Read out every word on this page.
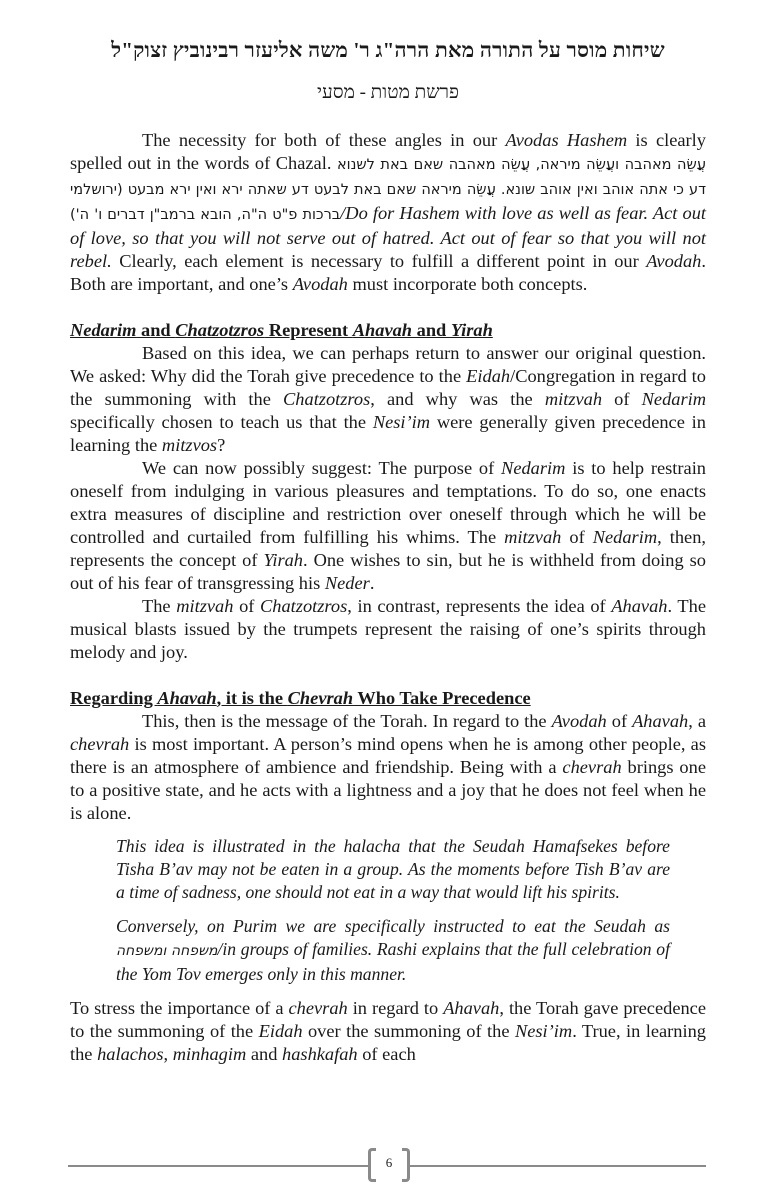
שיחות מוסר על התורה מאת הרה"ג ר' משה אליעזר רבינוביץ זצוק"ל
פרשת מטות - מסעי

The necessity for both of these angles in our Avodas Hashem is clearly spelled out in the words of Chazal. עֲשֵׂה מאהבה ועֲשֵׂה מיראה, עֲשֵׂה מאהבה שאם באת לשנוא דע כי אתה אוהב ואין אוהב שונא. עֲשֵׂה מיראה שאם באת לבעט דע שאתה ירא ואין ירא מבעט (ירושלמי ברכות פ"ט ה"ה, הובא ברמב"ן דברים ו' ה')/Do for Hashem with love as well as fear. Act out of love, so that you will not serve out of hatred. Act out of fear so that you will not rebel. Clearly, each element is necessary to fulfill a different point in our Avodah. Both are important, and one’s Avodah must incorporate both concepts.

Nedarim and Chatzotzros Represent Ahavah and Yirah

Based on this idea, we can perhaps return to answer our original question. We asked: Why did the Torah give precedence to the Eidah/Congregation in regard to the summoning with the Chatzotzros, and why was the mitzvah of Nedarim specifically chosen to teach us that the Nesi’im were generally given precedence in learning the mitzvos?

We can now possibly suggest: The purpose of Nedarim is to help restrain oneself from indulging in various pleasures and temptations. To do so, one enacts extra measures of discipline and restriction over oneself through which he will be controlled and curtailed from fulfilling his whims. The mitzvah of Nedarim, then, represents the concept of Yirah. One wishes to sin, but he is withheld from doing so out of his fear of transgressing his Neder.

The mitzvah of Chatzotzros, in contrast, represents the idea of Ahavah. The musical blasts issued by the trumpets represent the raising of one’s spirits through melody and joy.

Regarding Ahavah, it is the Chevrah Who Take Precedence

This, then is the message of the Torah. In regard to the Avodah of Ahavah, a chevrah is most important. A person’s mind opens when he is among other people, as there is an atmosphere of ambience and friendship. Being with a chevrah brings one to a positive state, and he acts with a lightness and a joy that he does not feel when he is alone.

This idea is illustrated in the halacha that the Seudah Hamafsekes before Tisha B’av may not be eaten in a group. As the moments before Tish B’av are a time of sadness, one should not eat in a way that would lift his spirits.

Conversely, on Purim we are specifically instructed to eat the Seudah as משפחה ומשפחה/in groups of families. Rashi explains that the full celebration of the Yom Tov emerges only in this manner.

To stress the importance of a chevrah in regard to Ahavah, the Torah gave precedence to the summoning of the Eidah over the summoning of the Nesi’im. True, in learning the halachos, minhagim and hashkafah of each

6
